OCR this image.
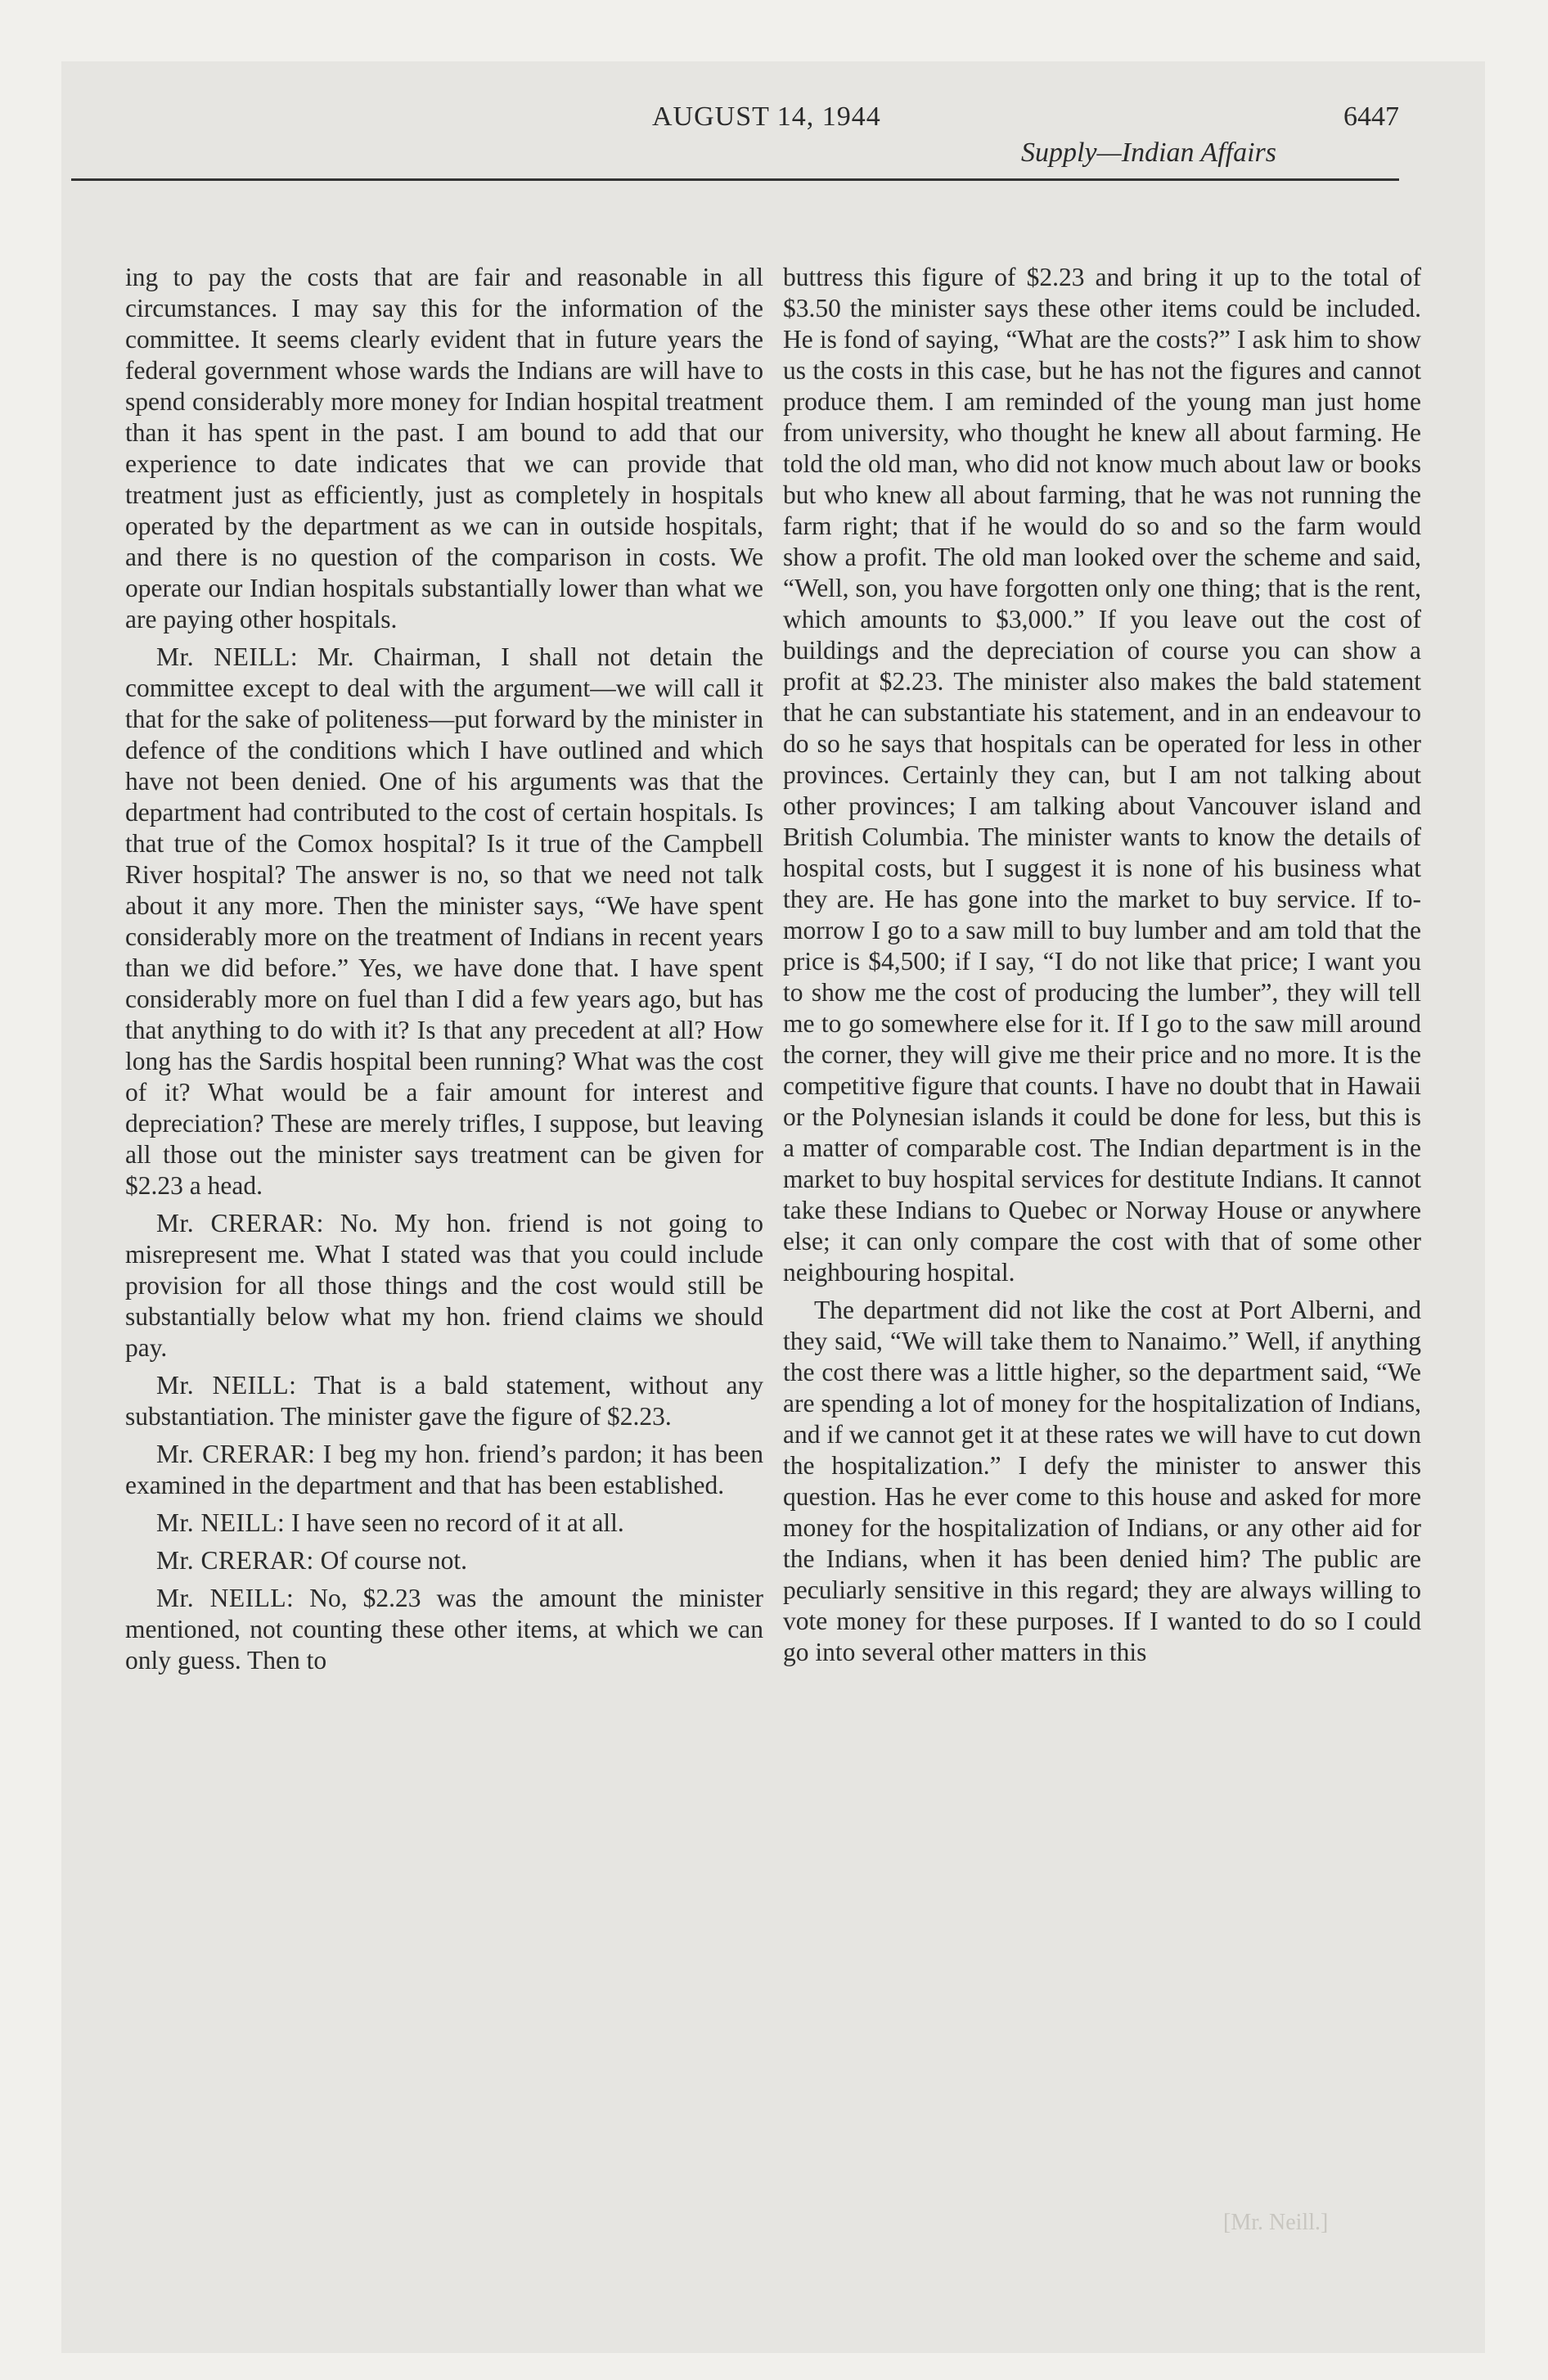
AUGUST 14, 1944	6447
Supply—Indian Affairs

ing to pay the costs that are fair and reasonable in all circumstances. I may say this for the information of the committee. It seems clearly evident that in future years the federal government whose wards the Indians are will have to spend considerably more money for Indian hospital treatment than it has spent in the past. I am bound to add that our experience to date indicates that we can provide that treatment just as efficiently, just as completely in hospitals operated by the department as we can in outside hospitals, and there is no question of the comparison in costs. We operate our Indian hospitals substantially lower than what we are paying other hospitals.

Mr. NEILL: Mr. Chairman, I shall not detain the committee except to deal with the argument—we will call it that for the sake of politeness—put forward by the minister in defence of the conditions which I have outlined and which have not been denied. One of his arguments was that the department had contributed to the cost of certain hospitals. Is that true of the Comox hospital? Is it true of the Campbell River hospital? The answer is no, so that we need not talk about it any more. Then the minister says, “We have spent considerably more on the treatment of Indians in recent years than we did before.” Yes, we have done that. I have spent considerably more on fuel than I did a few years ago, but has that anything to do with it? Is that any precedent at all? How long has the Sardis hospital been running? What was the cost of it? What would be a fair amount for interest and depreciation? These are merely trifles, I suppose, but leaving all those out the minister says treatment can be given for $2.23 a head.

Mr. CRERAR: No. My hon. friend is not going to misrepresent me. What I stated was that you could include provision for all those things and the cost would still be substantially below what my hon. friend claims we should pay.

Mr. NEILL: That is a bald statement, without any substantiation. The minister gave the figure of $2.23.

Mr. CRERAR: I beg my hon. friend’s pardon; it has been examined in the department and that has been established.

Mr. NEILL: I have seen no record of it at all.

Mr. CRERAR: Of course not.

Mr. NEILL: No, $2.23 was the amount the minister mentioned, not counting these other items, at which we can only guess. Then to

buttress this figure of $2.23 and bring it up to the total of $3.50 the minister says these other items could be included. He is fond of saying, “What are the costs?” I ask him to show us the costs in this case, but he has not the figures and cannot produce them. I am reminded of the young man just home from university, who thought he knew all about farming. He told the old man, who did not know much about law or books but who knew all about farming, that he was not running the farm right; that if he would do so and so the farm would show a profit. The old man looked over the scheme and said, “Well, son, you have forgotten only one thing; that is the rent, which amounts to $3,000.” If you leave out the cost of buildings and the depreciation of course you can show a profit at $2.23. The minister also makes the bald statement that he can substantiate his statement, and in an endeavour to do so he says that hospitals can be operated for less in other provinces. Certainly they can, but I am not talking about other provinces; I am talking about Vancouver island and British Columbia. The minister wants to know the details of hospital costs, but I suggest it is none of his business what they are. He has gone into the market to buy service. If to-morrow I go to a saw mill to buy lumber and am told that the price is $4,500; if I say, “I do not like that price; I want you to show me the cost of producing the lumber”, they will tell me to go somewhere else for it. If I go to the saw mill around the corner, they will give me their price and no more. It is the competitive figure that counts. I have no doubt that in Hawaii or the Polynesian islands it could be done for less, but this is a matter of comparable cost. The Indian department is in the market to buy hospital services for destitute Indians. It cannot take these Indians to Quebec or Norway House or anywhere else; it can only compare the cost with that of some other neighbouring hospital.

The department did not like the cost at Port Alberni, and they said, “We will take them to Nanaimo.” Well, if anything the cost there was a little higher, so the department said, “We are spending a lot of money for the hospitalization of Indians, and if we cannot get it at these rates we will have to cut down the hospitalization.” I defy the minister to answer this question. Has he ever come to this house and asked for more money for the hospitalization of Indians, or any other aid for the Indians, when it has been denied him? The public are peculiarly sensitive in this regard; they are always willing to vote money for these purposes. If I wanted to do so I could go into several other matters in this

[Mr. Neill.]
